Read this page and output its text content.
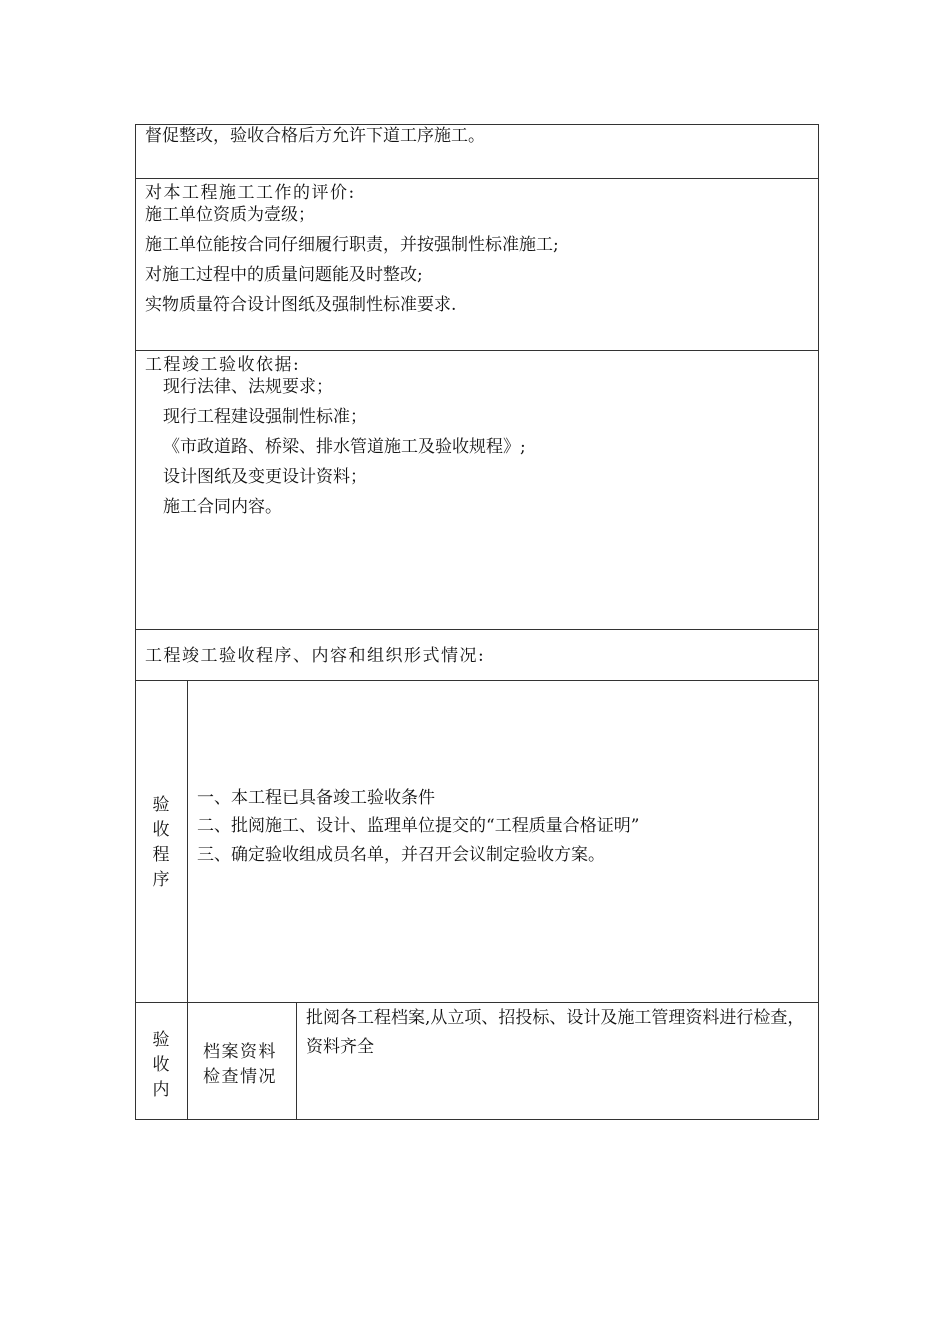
督促整改，验收合格后方允许下道工序施工。
对本工程施工工作的评价:
施工单位资质为壹级；
施工单位能按合同仔细履行职责，并按强制性标准施工;
对施工过程中的质量问题能及时整改;
实物质量符合设计图纸及强制性标准要求.
工程竣工验收依据:
现行法律、法规要求；
现行工程建设强制性标准；
《市政道路、桥梁、排水管道施工及验收规程》;
设计图纸及变更设计资料；
施工合同内容。
工程竣工验收程序、内容和组织形式情况:
验
收
程
序
一、本工程已具备竣工验收条件
二、批阅施工、设计、监理单位提交的“工程质量合格证明”
三、确定验收组成员名单，并召开会议制定验收方案。
验
收
内
档案资料检查情况
批阅各工程档案,从立项、招投标、设计及施工管理资料进行检查，资料齐全
